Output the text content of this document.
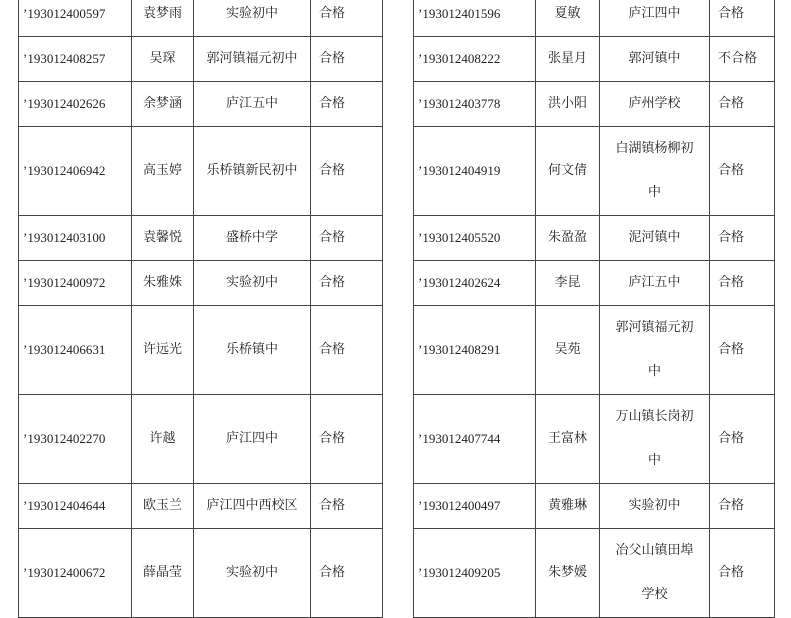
’193012400597	袁梦雨	实验初中	合格
’193012408257	吴琛	郭河镇福元初中	合格
’193012402626	余梦涵	庐江五中	合格
’193012406942	高玉婷	乐桥镇新民初中	合格
’193012403100	袁馨悦	盛桥中学	合格
’193012400972	朱雅姝	实验初中	合格
’193012406631	许远光	乐桥镇中	合格
’193012402270	许越	庐江四中	合格
’193012404644	欧玉兰	庐江四中西校区	合格
’193012400672	薛晶莹	实验初中	合格
’193012401596	夏敏	庐江四中	合格
’193012408222	张星月	郭河镇中	不合格
’193012403778	洪小阳	庐州学校	合格
’193012404919	何文倩	白湖镇杨柳初
中	合格
’193012405520	朱盈盈	泥河镇中	合格
’193012402624	李昆	庐江五中	合格
’193012408291	吴苑	郭河镇福元初
中	合格
’193012407744	王富林	万山镇长岗初
中	合格
’193012400497	黄雅琳	实验初中	合格
’193012409205	朱梦媛	冶父山镇田埠
学校	合格
